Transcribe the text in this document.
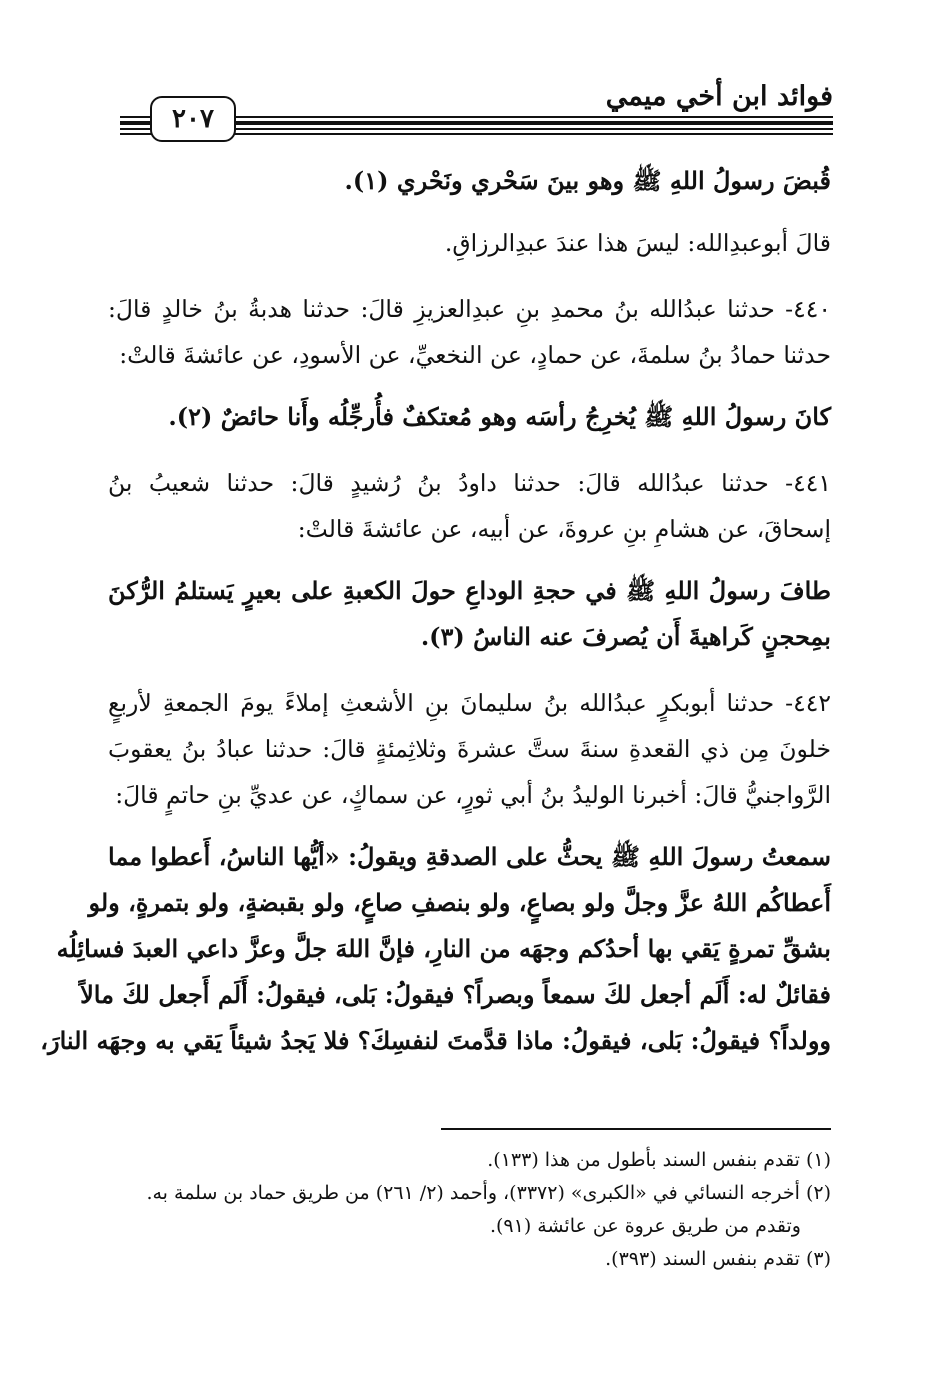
فوائد ابن أخي ميمي
٢٠٧
قُبضَ رسولُ اللهِ ﷺ وهو بينَ سَحْري ونَحْري (١).
قالَ أبوعبدِالله: ليسَ هذا عندَ عبدِالرزاقِ.
٤٤٠- حدثنا عبدُالله بنُ محمدِ بنِ عبدِالعزيزِ قالَ: حدثنا هدبةُ بنُ خالدٍ قالَ:
حدثنا حمادُ بنُ سلمةَ، عن حمادٍ، عن النخعيِّ، عن الأسودِ، عن عائشةَ قالتْ:
كانَ رسولُ اللهِ ﷺ يُخرِجُ رأسَه وهو مُعتكفٌ فأُرجِّلُه وأَنا حائضٌ (٢).
٤٤١- حدثنا عبدُالله قالَ: حدثنا داودُ بنُ رُشيدٍ قالَ: حدثنا شعيبُ بنُ
إسحاقَ، عن هشامِ بنِ عروةَ، عن أبيه، عن عائشةَ قالتْ:
طافَ رسولُ اللهِ ﷺ في حجةِ الوداعِ حولَ الكعبةِ على بعيرٍ يَستلمُ الرُّكنَ
بمِحجنٍ كَراهيةَ أَن يُصرفَ عنه الناسُ (٣).
٤٤٢- حدثنا أبوبكرٍ عبدُالله بنُ سليمانَ بنِ الأشعثِ إملاءً يومَ الجمعةِ لأربعٍ
خلونَ مِن ذي القعدةِ سنةَ ستَّ عشرةَ وثلاثِمئةٍ قالَ: حدثنا عبادُ بنُ يعقوبَ
الرَّواجنيُّ قالَ: أخبرنا الوليدُ بنُ أبي ثورٍ، عن سماكٍ، عن عديِّ بنِ حاتمٍ قالَ:
سمعتُ رسولَ اللهِ ﷺ يحثُّ على الصدقةِ ويقولُ: «أيُّها الناسُ، أَعطوا مما
أَعطاكُم اللهُ عزَّ وجلَّ ولو بصاعٍ، ولو بنصفِ صاعٍ، ولو بقبضةٍ، ولو بتمرةٍ، ولو
بشقِّ تمرةٍ يَقي بها أحدُكم وجهَه من النارِ، فإنَّ اللهَ جلَّ وعزَّ داعي العبدَ فسائِلُه
فقائلٌ له: أَلَم أجعل لكَ سمعاً وبصراً؟ فيقولُ: بَلى، فيقولُ: أَلَم أَجعل لكَ مالاً
وولداً؟ فيقولُ: بَلى، فيقولُ: ماذا قدَّمتَ لنفسِكَ؟ فلا يَجدُ شيئاً يَقي به وجهَه النارَ،
(١)تقدم بنفس السند بأطول من هذا (١٣٣).
(٢)أخرجه النسائي في «الكبرى» (٣٣٧٢)، وأحمد (٢/ ٢٦١) من طريق حماد بن سلمة به.
وتقدم من طريق عروة عن عائشة (٩١).
(٣)تقدم بنفس السند (٣٩٣).
